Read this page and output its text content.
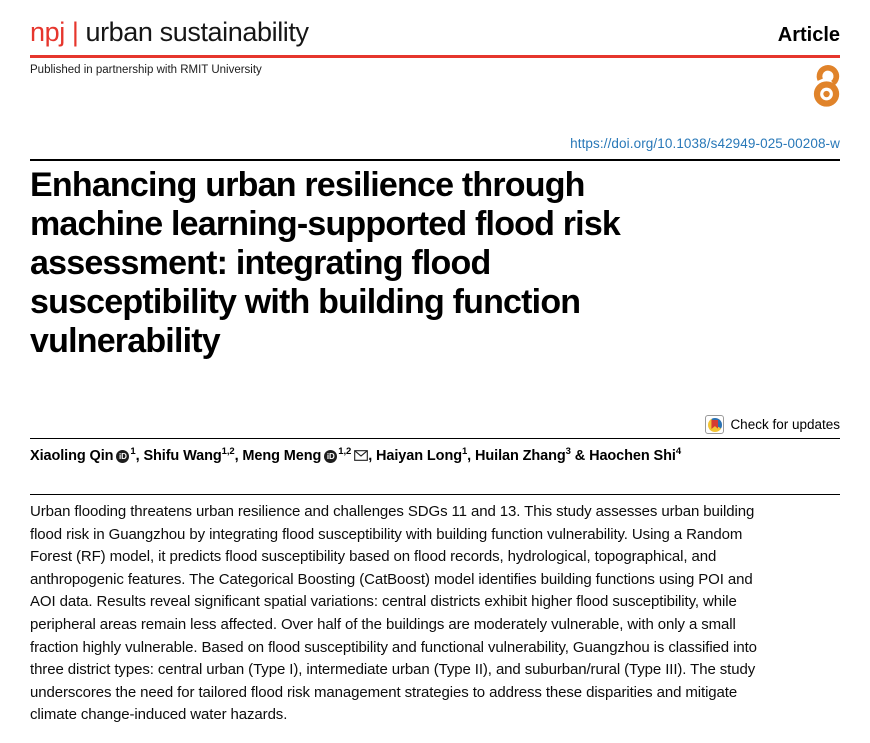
npj | urban sustainability	Article
Published in partnership with RMIT University
https://doi.org/10.1038/s42949-025-00208-w
Enhancing urban resilience through
machine learning-supported flood risk
assessment: integrating flood
susceptibility with building function
vulnerability
Check for updates
Xiaoling Qin iD $^1$, Shifu Wang$^{1,2}$, Meng Meng iD $^{1,2}$ , Haiyan Long$^1$, Huilan Zhang$^3$ & Haochen Shi$^4$

Urban flooding threatens urban resilience and challenges SDGs 11 and 13. This study assesses urban building flood risk in Guangzhou by integrating flood susceptibility with building function vulnerability. Using a Random Forest (RF) model, it predicts flood susceptibility based on flood records, hydrological, topographical, and anthropogenic features. The Categorical Boosting (CatBoost) model identifies building functions using POI and AOI data. Results reveal significant spatial variations: central districts exhibit higher flood susceptibility, while peripheral areas remain less affected. Over half of the buildings are moderately vulnerable, with only a small fraction highly vulnerable. Based on flood susceptibility and functional vulnerability, Guangzhou is classified into three district types: central urban (Type I), intermediate urban (Type II), and suburban/rural (Type III). The study underscores the need for tailored flood risk management strategies to address these disparities and mitigate climate change-induced water hazards.
